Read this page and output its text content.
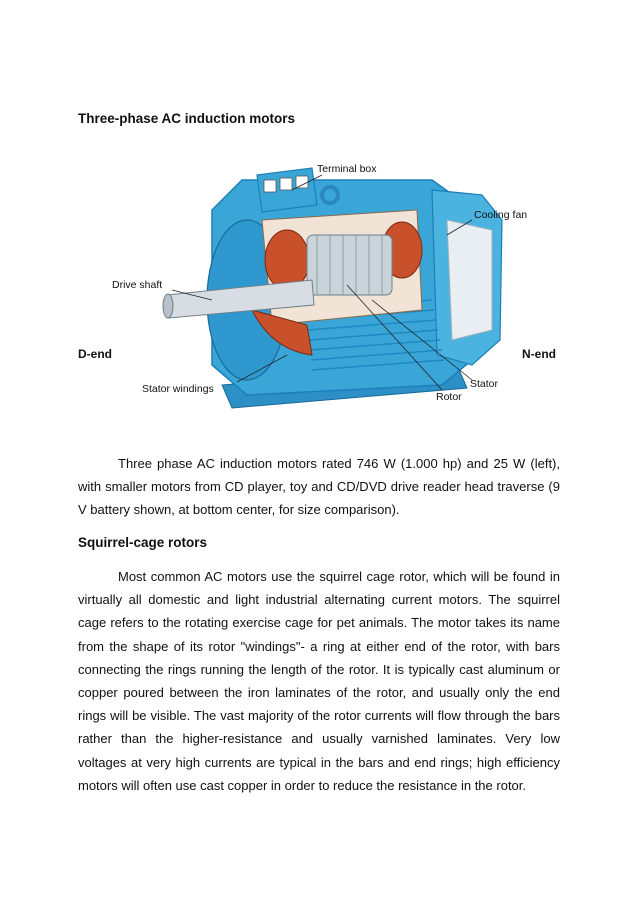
Three-phase AC induction motors
Terminal box
Cooling fan
Drive shaft
D-end	N-end
Stator windings	Stator
Rotor

Three phase AC induction motors rated 746 W (1.000 hp) and 25 W (left), with smaller motors from CD player, toy and CD/DVD drive reader head traverse (9 V battery shown, at bottom center, for size comparison).

Squirrel-cage rotors

Most common AC motors use the squirrel cage rotor, which will be found in virtually all domestic and light industrial alternating current motors. The squirrel cage refers to the rotating exercise cage for pet animals. The motor takes its name from the shape of its rotor "windings"- a ring at either end of the rotor, with bars connecting the rings running the length of the rotor. It is typically cast aluminum or copper poured between the iron laminates of the rotor, and usually only the end rings will be visible. The vast majority of the rotor currents will flow through the bars rather than the higher-resistance and usually varnished laminates. Very low voltages at very high currents are typical in the bars and end rings; high efficiency motors will often use cast copper in order to reduce the resistance in the rotor.
